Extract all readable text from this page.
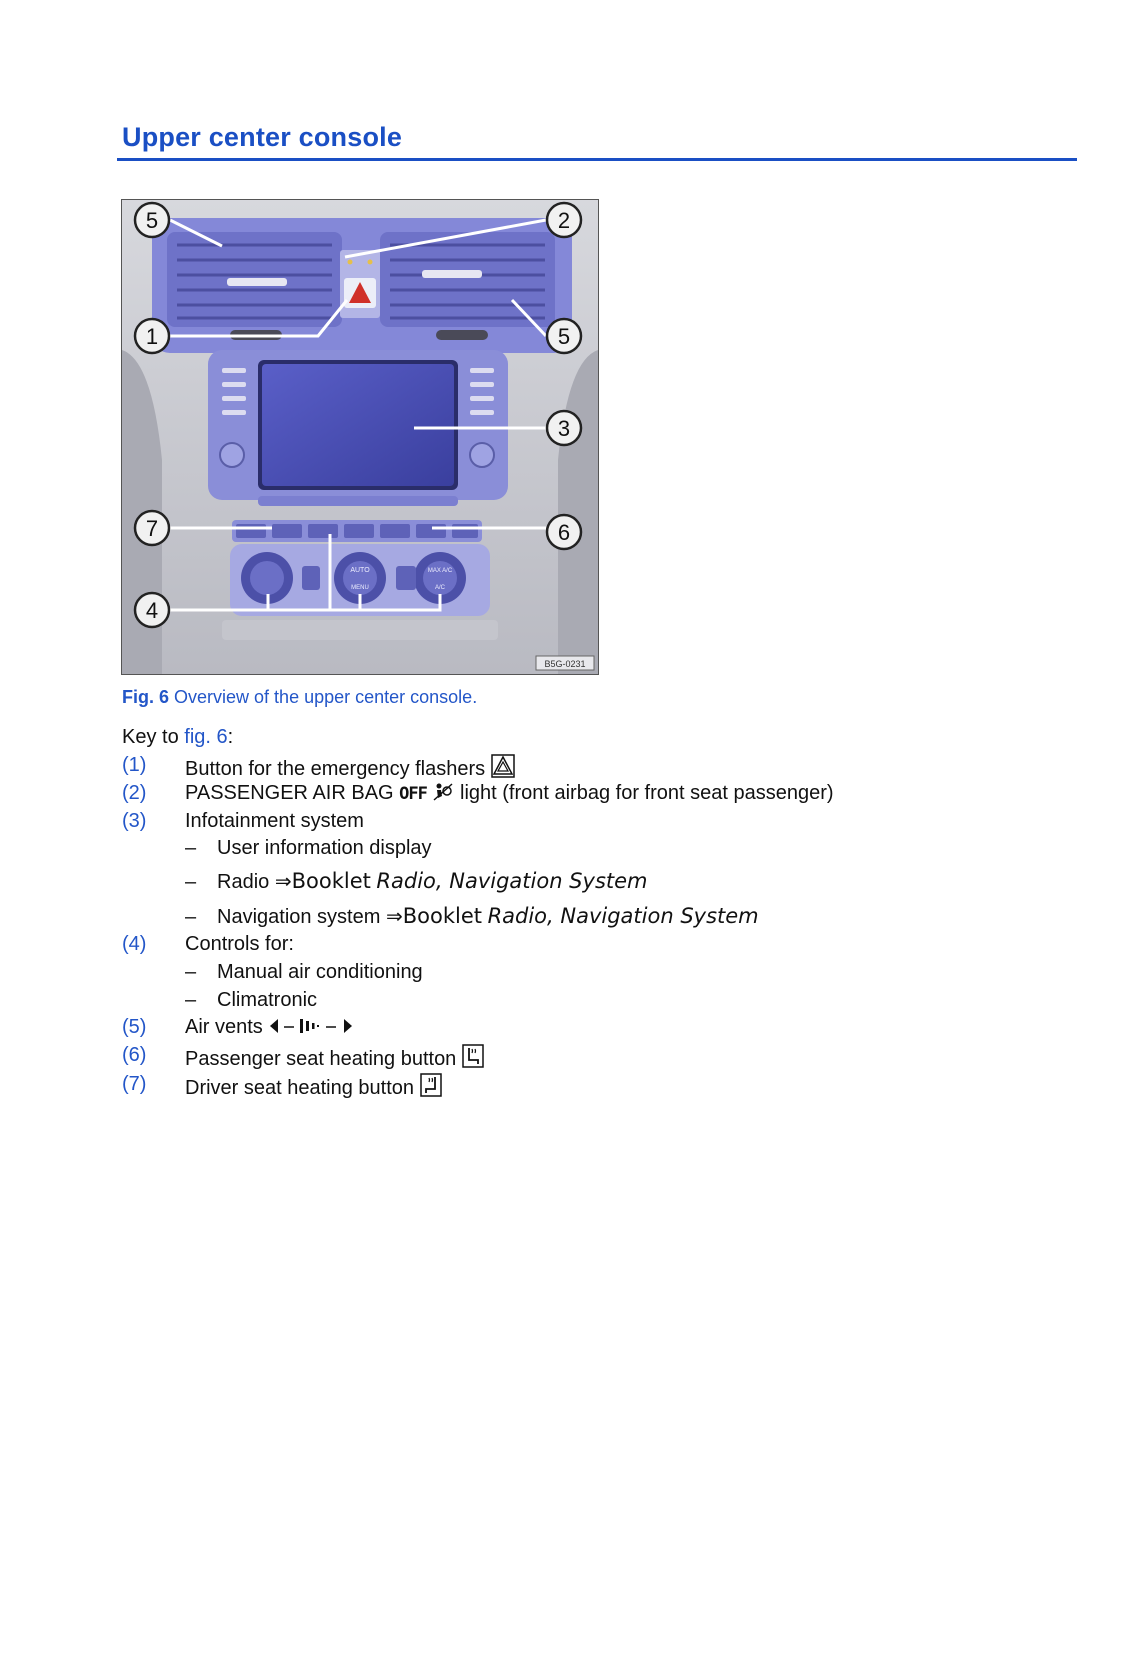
Upper center console
AUTO
MENU
MAX A/C
A/C
5	2
1	5
3
7	6
4
B5G-0231
Fig. 6 Overview of the upper center console.
Key to fig. 6:
(1) Button for the emergency flashers
(2) PASSENGER AIR BAG OFF light (front airbag for front seat passenger)
(3) Infotainment system
– User information display
– Radio ⇒Booklet Radio, Navigation System
– Navigation system ⇒Booklet Radio, Navigation System
(4) Controls for:
– Manual air conditioning
– Climatronic
(5) Air vents
(6) Passenger seat heating button
(7) Driver seat heating button
